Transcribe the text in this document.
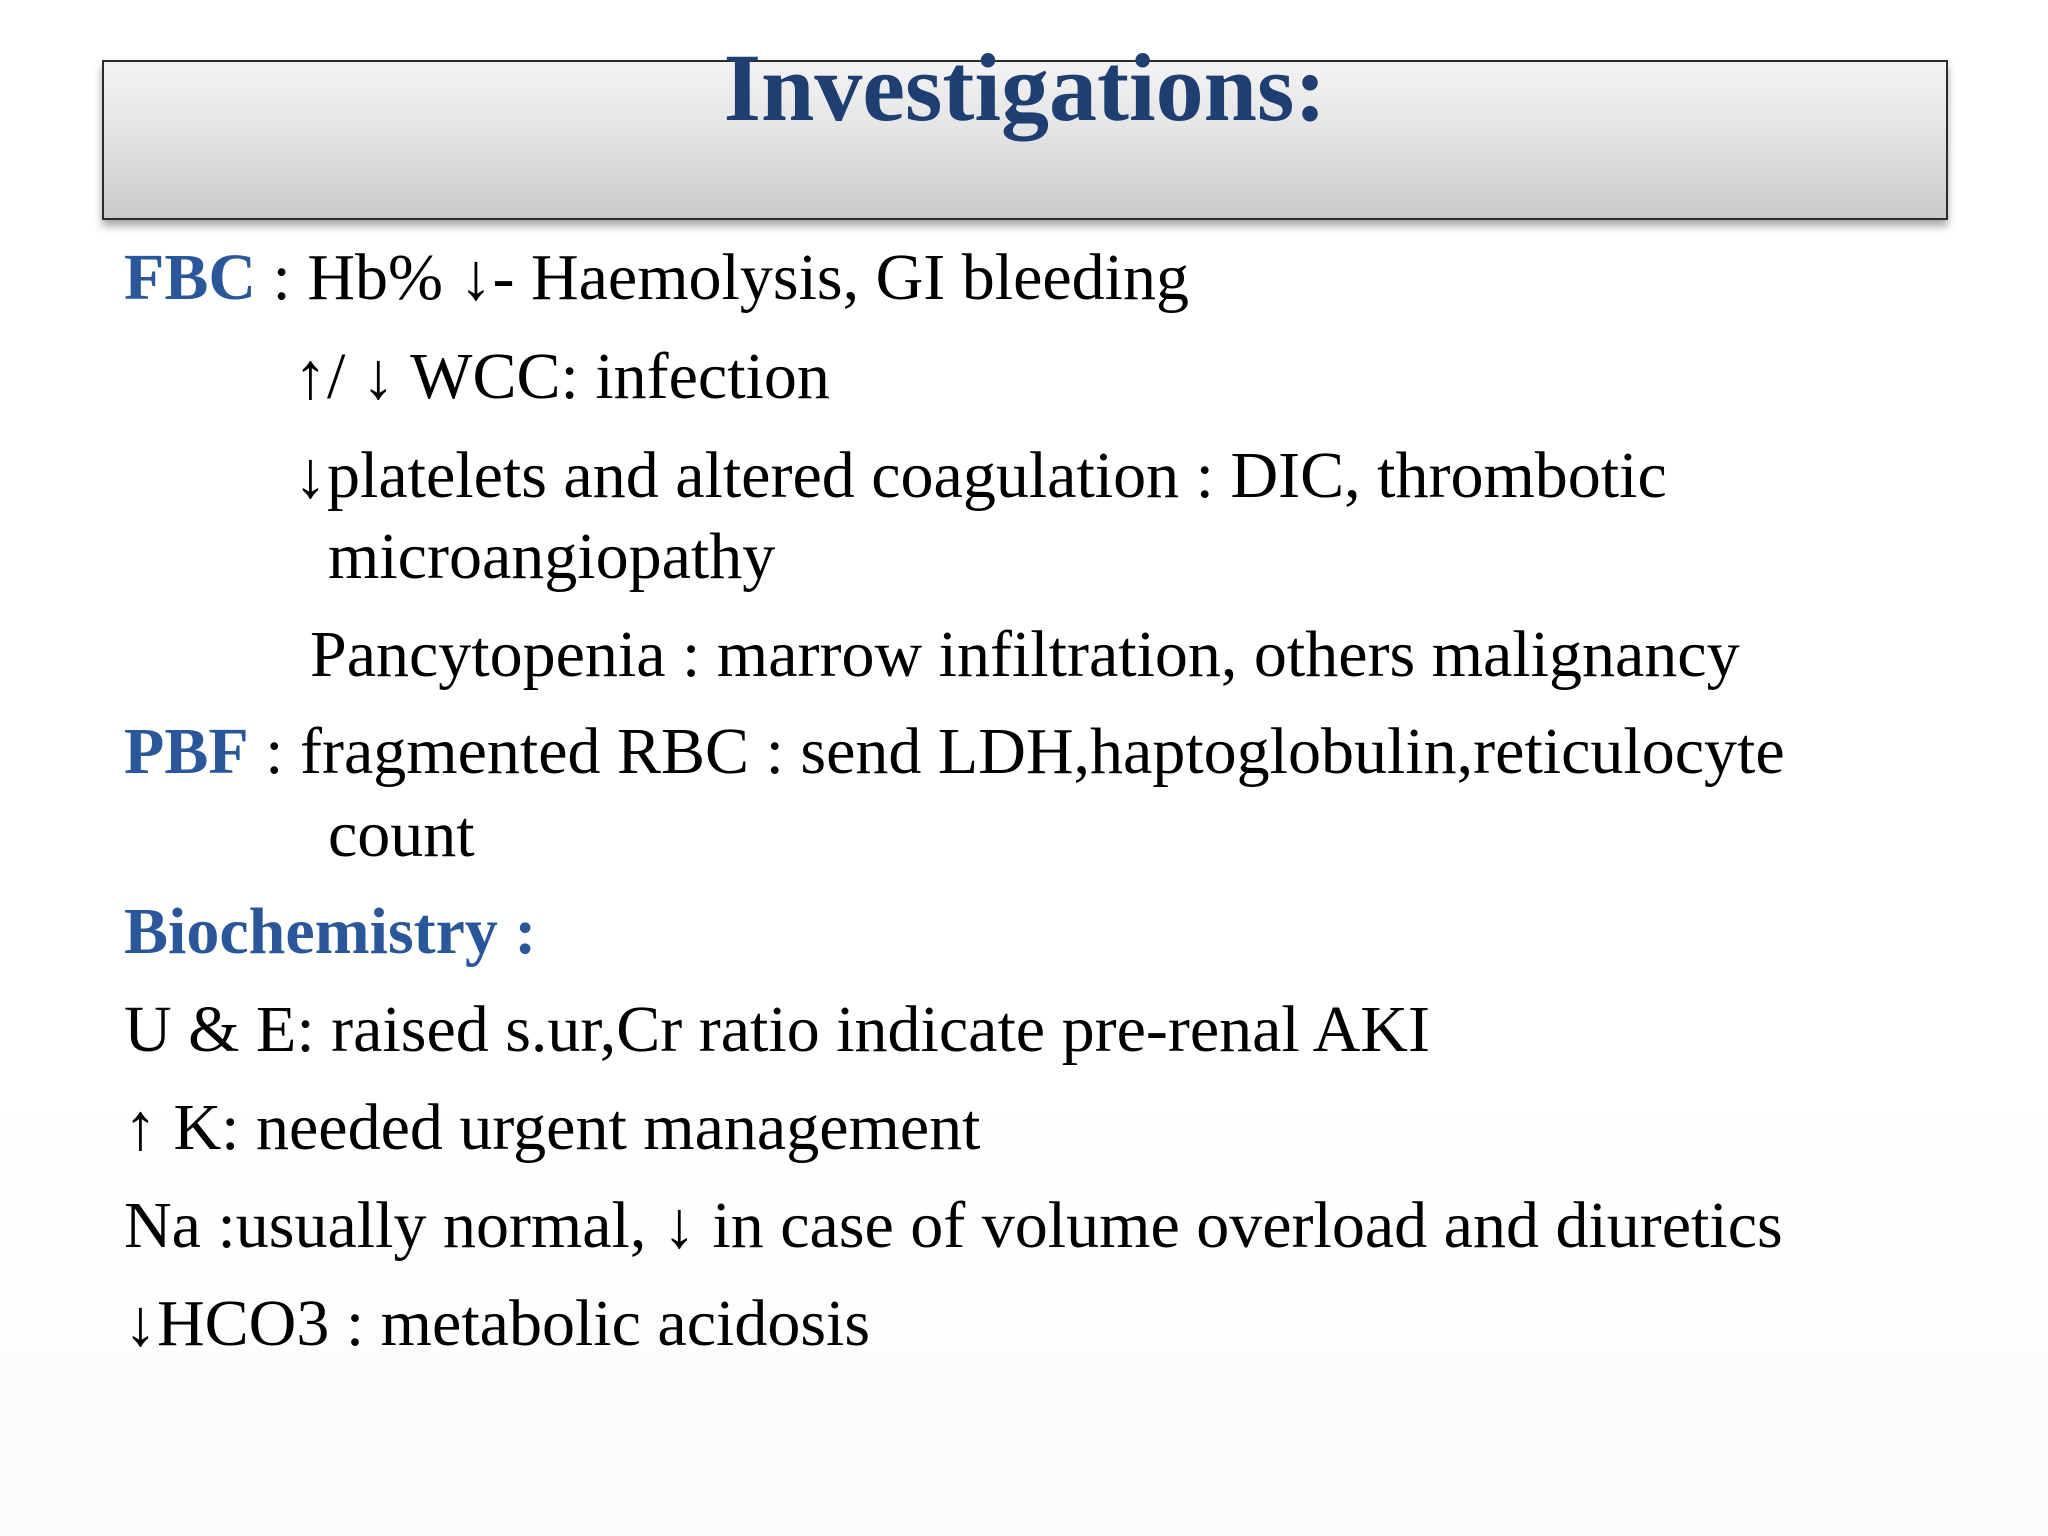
Investigations:

FBC : Hb% ↓- Haemolysis, GI bleeding

↑/ ↓ WCC: infection

↓platelets and altered coagulation : DIC, thrombotic

microangiopathy

Pancytopenia : marrow infiltration, others malignancy

PBF : fragmented RBC : send LDH,haptoglobulin,reticulocyte

count

Biochemistry :

U & E: raised s.ur,Cr ratio indicate pre-renal AKI

↑ K: needed urgent management

Na :usually normal, ↓ in case of volume overload and diuretics

↓HCO3 : metabolic acidosis
